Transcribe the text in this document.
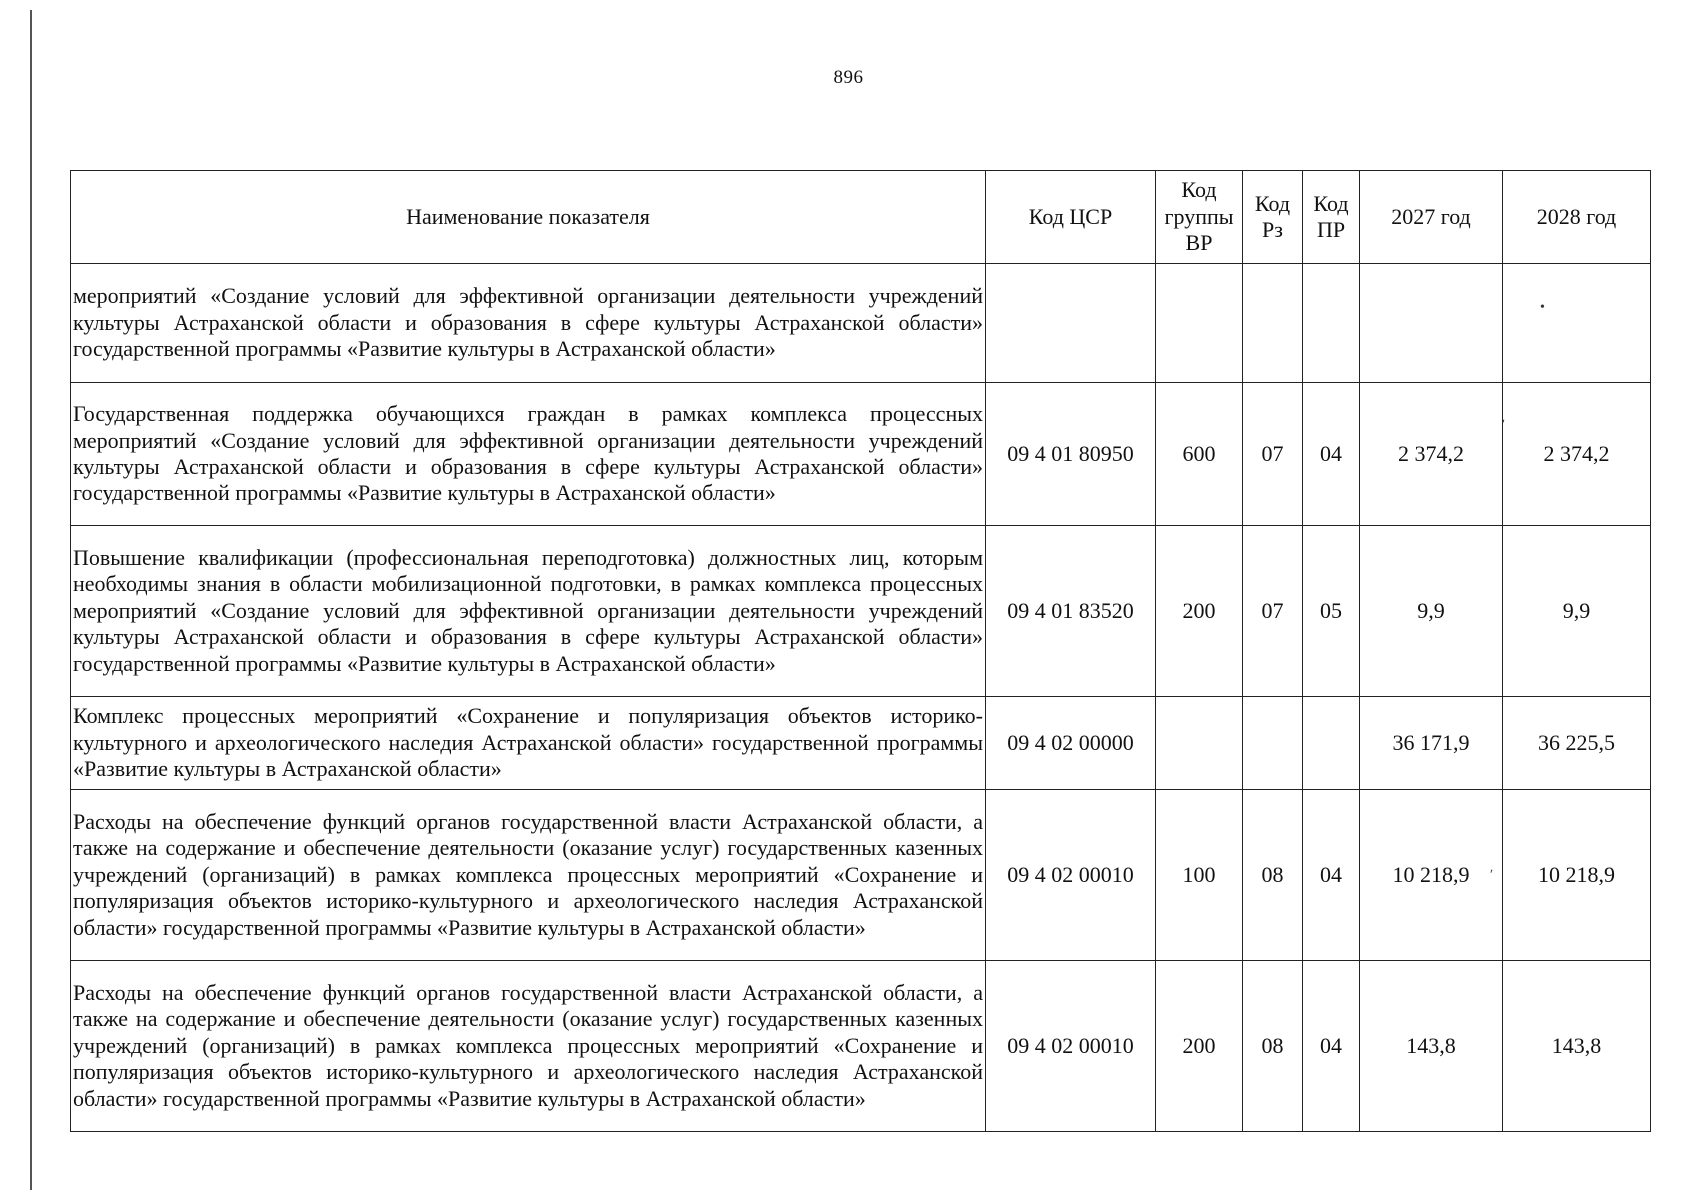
896
Наименование показателя	Код ЦСР	Код группы ВР	Код Рз	Код ПР	2027 год	2028 год
мероприятий «Создание условий для эффективной организации деятельности учреждений культуры Астраханской области и образования в сфере культуры Астраханской области» государственной программы «Развитие культуры в Астраханской области»						
Государственная поддержка обучающихся граждан в рамках комплекса процессных мероприятий «Создание условий для эффективной организации деятельности учреждений культуры Астраханской области и образования в сфере культуры Астраханской области» государственной программы «Развитие культуры в Астраханской области»	09 4 01 80950	600	07	04	2 374,2	2 374,2
Повышение квалификации (профессиональная переподготовка) должностных лиц, которым необходимы знания в области мобилизационной подготовки, в рамках комплекса процессных мероприятий «Создание условий для эффективной организации деятельности учреждений культуры Астраханской области и образования в сфере культуры Астраханской области» государственной программы «Развитие культуры в Астраханской области»	09 4 01 83520	200	07	05	9,9	9,9
Комплекс процессных мероприятий «Сохранение и популяризация объектов историко-культурного и археологического наследия Астраханской области» государственной программы «Развитие культуры в Астраханской области»	09 4 02 00000				36 171,9	36 225,5
Расходы на обеспечение функций органов государственной власти Астраханской области, а также на содержание и обеспечение деятельности (оказание услуг) государственных казенных учреждений (организаций) в рамках комплекса процессных мероприятий «Сохранение и популяризация объектов историко-культурного и археологического наследия Астраханской области» государственной программы «Развитие культуры в Астраханской области»	09 4 02 00010	100	08	04	10 218,9	10 218,9
Расходы на обеспечение функций органов государственной власти Астраханской области, а также на содержание и обеспечение деятельности (оказание услуг) государственных казенных учреждений (организаций) в рамках комплекса процессных мероприятий «Сохранение и популяризация объектов историко-культурного и археологического наследия Астраханской области» государственной программы «Развитие культуры в Астраханской области»	09 4 02 00010	200	08	04	143,8	143,8
•
ʹ
ʹ
